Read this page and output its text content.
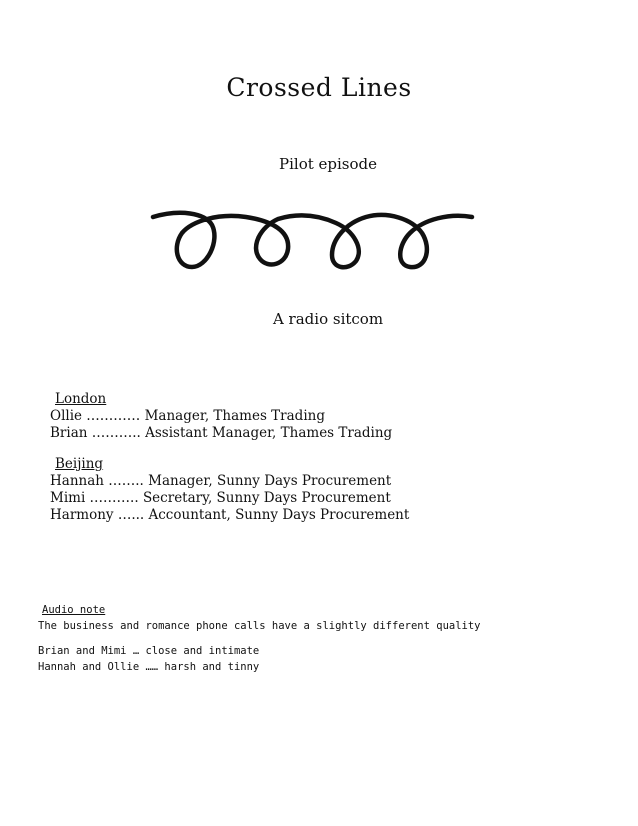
Crossed Lines
Pilot episode
A radio sitcom
London
Ollie ………… Manager, Thames Trading
Brian ……….. Assistant Manager, Thames Trading
Beijing
Hannah …….. Manager, Sunny Days Procurement
Mimi ……….. Secretary, Sunny Days Procurement
Harmony …... Accountant, Sunny Days Procurement
Audio note
The business and romance phone calls have a slightly different quality
Brian and Mimi … close and intimate
Hannah and Ollie …… harsh and tinny
